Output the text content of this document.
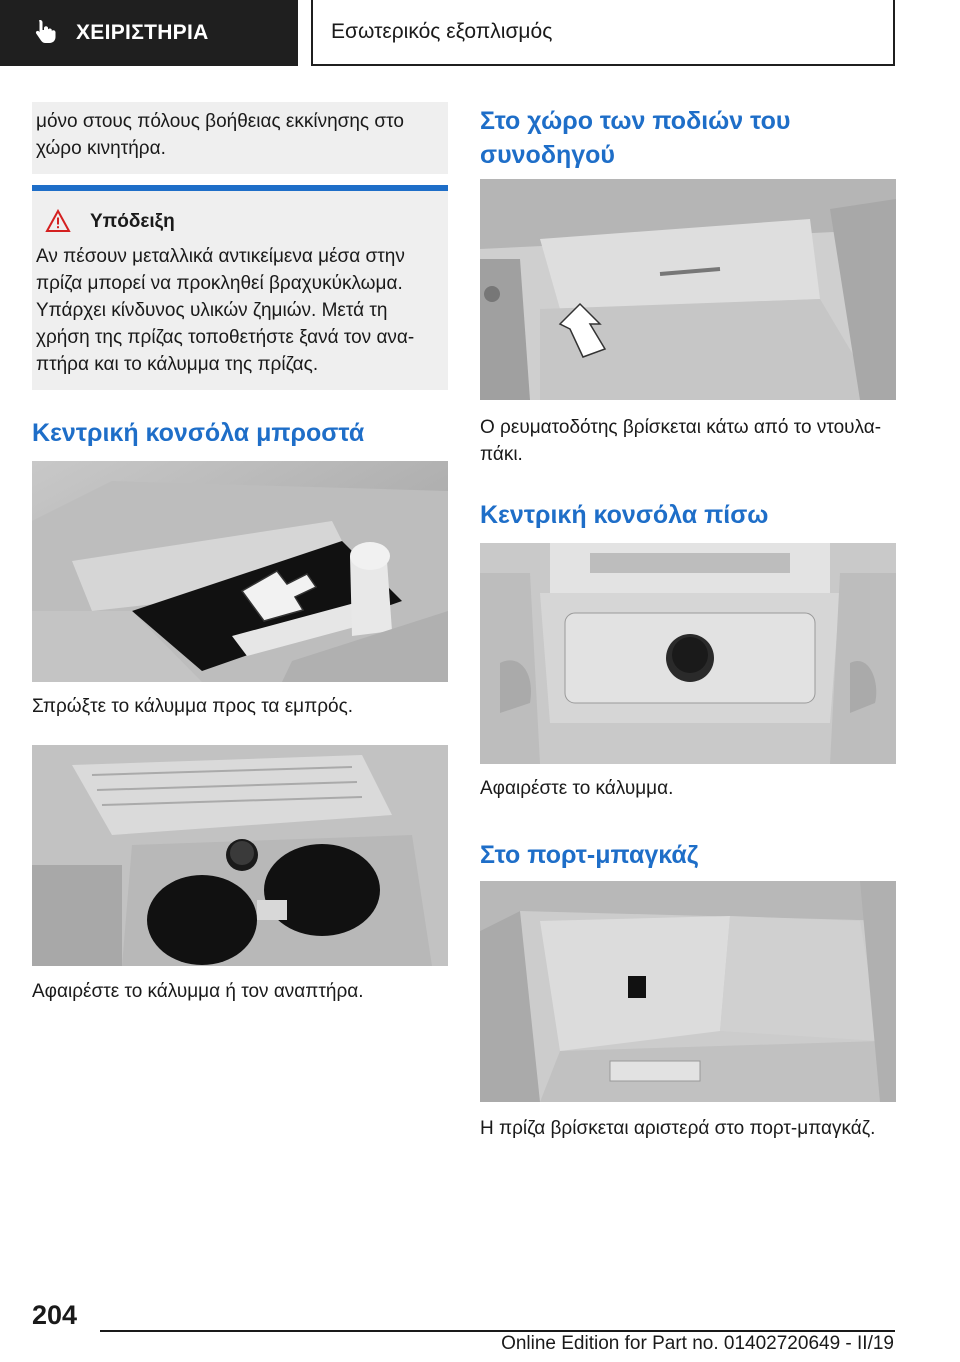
ΧΕΙΡΙΣΤΗΡΙΑ	Εσωτερικός εξοπλισμός
μόνο στους πόλους βοήθειας εκκίνησης στο χώρο κινητήρα.
Υπόδειξη
Αν πέσουν μεταλλικά αντικείμενα μέσα στην πρίζα μπορεί να προκληθεί βραχυκύκλωμα. Υπάρχει κίνδυνος υλικών ζημιών. Μετά τη χρήση της πρίζας τοποθετήστε ξανά τον ανα-πτήρα και το κάλυμμα της πρίζας.
Κεντρική κονσόλα μπροστά
Σπρώξτε το κάλυμμα προς τα εμπρός.
Αφαιρέστε το κάλυμμα ή τον αναπτήρα.
Στο χώρο των ποδιών του συνοδηγού
Ο ρευματοδότης βρίσκεται κάτω από το ντουλα-πάκι.
Κεντρική κονσόλα πίσω
Αφαιρέστε το κάλυμμα.
Στο πορτ-μπαγκάζ
Η πρίζα βρίσκεται αριστερά στο πορτ-μπαγκάζ.
204
Online Edition for Part no. 01402720649 - II/19
